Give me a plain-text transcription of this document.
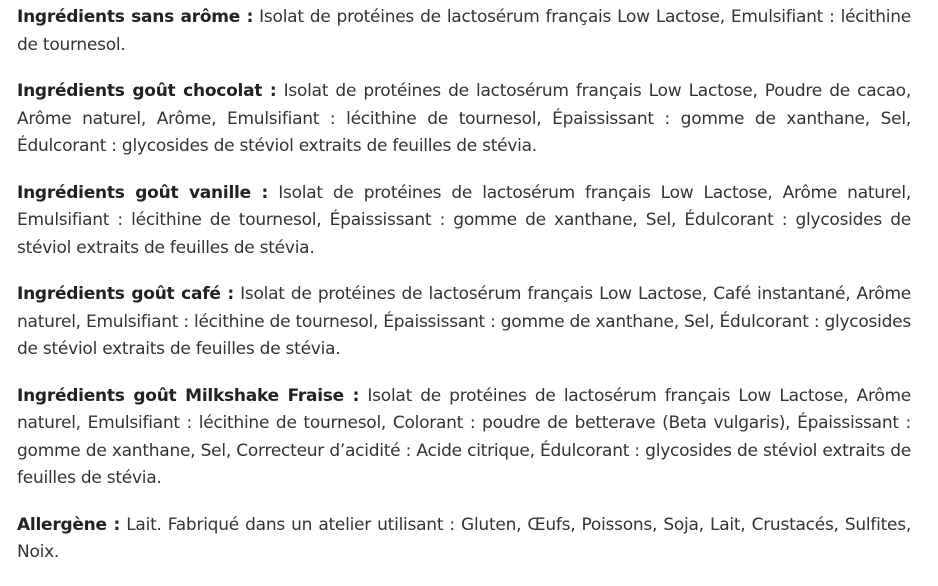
Ingrédients sans arôme : Isolat de protéines de lactosérum français Low Lactose, Emulsifiant : lécithine de tournesol.

Ingrédients goût chocolat : Isolat de protéines de lactosérum français Low Lactose, Poudre de cacao, Arôme naturel, Arôme, Emulsifiant : lécithine de tournesol, Épaississant : gomme de xanthane, Sel, Édulcorant : glycosides de stéviol extraits de feuilles de stévia.

Ingrédients goût vanille : Isolat de protéines de lactosérum français Low Lactose, Arôme naturel, Emulsifiant : lécithine de tournesol, Épaississant : gomme de xanthane, Sel, Édulcorant : glycosides de stéviol extraits de feuilles de stévia.

Ingrédients goût café : Isolat de protéines de lactosérum français Low Lactose, Café instantané, Arôme naturel, Emulsifiant : lécithine de tournesol, Épaississant : gomme de xanthane, Sel, Édulcorant : glycosides de stéviol extraits de feuilles de stévia.

Ingrédients goût Milkshake Fraise : Isolat de protéines de lactosérum français Low Lactose, Arôme naturel, Emulsifiant : lécithine de tournesol, Colorant : poudre de betterave (Beta vulgaris), Épaississant : gomme de xanthane, Sel, Correcteur d’acidité : Acide citrique, Édulcorant : glycosides de stéviol extraits de feuilles de stévia.

Allergène : Lait. Fabriqué dans un atelier utilisant : Gluten, Œufs, Poissons, Soja, Lait, Crustacés, Sulfites, Noix.
